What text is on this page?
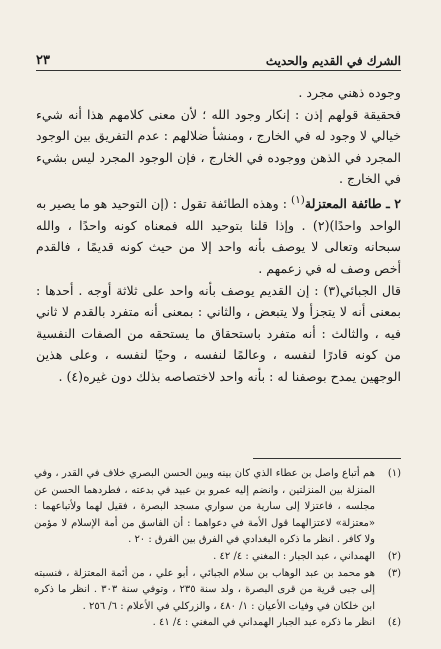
الشرك في القديم والحديث
٢٣

وجوده ذهني مجرد .

فحقيقة قولهم إذن : إنكار وجود الله ؛ لأن معنى كلامهم هذا أنه شيء خيالي لا وجود له في الخارج ، ومنشأ ضلالهم : عدم التفريق بين الوجود المجرد في الذهن ووجوده في الخارج ، فإن الوجود المجرد ليس بشيء في الخارج .

٢ ـ طائفة المعتزلة$^{(١)}$ : وهذه الطائفة تقول : (إن التوحيد هو ما يصير به الواحد واحدًا)(٢) . وإذا قلنا بتوحيد الله فمعناه كونه واحدًا ، والله سبحانه وتعالى لا يوصف بأنه واحد إلا من حيث كونه قديمًا ، فالقدم أخص وصف له في زعمهم .

قال الجبائي(٣) : إن القديم يوصف بأنه واحد على ثلاثة أوجه . أحدها : بمعنى أنه لا يتجزأ ولا يتبعض ، والثاني : بمعنى أنه متفرد بالقدم لا ثاني فيه ، والثالث : أنه متفرد باستحقاق ما يستحقه من الصفات النفسية من كونه قادرًا لنفسه ، وعالمًا لنفسه ، وحيًا لنفسه ، وعلى هذين الوجهين يمدح بوصفنا له : بأنه واحد لاختصاصه بذلك دون غيره(٤) .

(١)
هم أتباع واصل بن عطاء الذي كان بينه وبين الحسن البصري خلاف في القدر ، وفي المنزلة بين المنزلتين ، وانضم إليه عمرو بن عبيد في بدعته ، فطردهما الحسن عن مجلسه ، فاعتزلا إلى سارية من سواري مسجد البصرة ، فقيل لهما ولأتباعهما : «معتزلة» لاعتزالهما قول الأمة في دعواهما : أن الفاسق من أمة الإسلام لا مؤمن ولا كافر . انظر ما ذكره البغدادي في الفرق بين الفرق : ٢٠ .
(٢)
الهمداني ، عبد الجبار : المغني : ٤/ ٤٢ .
(٣)
هو محمد بن عبد الوهاب بن سلام الجبائي ، أبو علي ، من أئمة المعتزلة ، فنسبته إلى جبى قرية من قرى البصرة ، ولد سنة ٢٣٥ ، وتوفي سنة ٣٠٣ . انظر ما ذكره ابن خلكان في وفيات الأعيان : ١/ ٤٨٠ ، والزركلي في الأعلام : ٦/ ٢٥٦ .
(٤)
انظر ما ذكره عبد الجبار الهمداني في المغني : ٤/ ٤١ .
